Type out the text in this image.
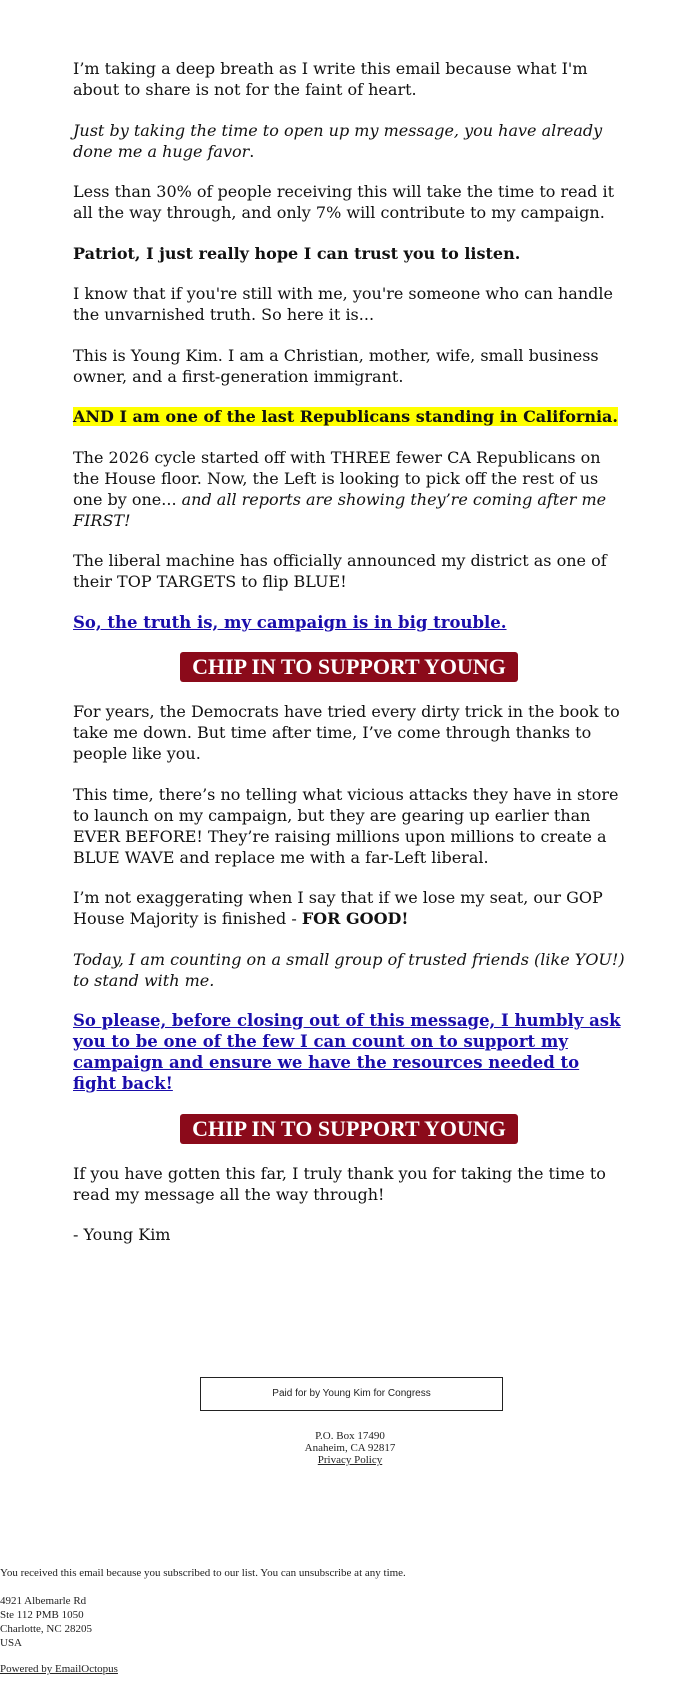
I’m taking a deep breath as I write this email because what I'm about to share is not for the faint of heart.

Just by taking the time to open up my message, you have already done me a huge favor.

Less than 30% of people receiving this will take the time to read it all the way through, and only 7% will contribute to my campaign.

Patriot, I just really hope I can trust you to listen.

I know that if you're still with me, you're someone who can handle the unvarnished truth. So here it is...

This is Young Kim. I am a Christian, mother, wife, small business owner, and a first-generation immigrant.

AND I am one of the last Republicans standing in California.

The 2026 cycle started off with THREE fewer CA Republicans on the House floor. Now, the Left is looking to pick off the rest of us one by one... and all reports are showing they’re coming after me FIRST!

The liberal machine has officially announced my district as one of their TOP TARGETS to flip BLUE!

So, the truth is, my campaign is in big trouble.

CHIP IN TO SUPPORT YOUNG KIM

For years, the Democrats have tried every dirty trick in the book to take me down. But time after time, I’ve come through thanks to people like you.

This time, there’s no telling what vicious attacks they have in store to launch on my campaign, but they are gearing up earlier than EVER BEFORE! They’re raising millions upon millions to create a BLUE WAVE and replace me with a far-Left liberal.

I’m not exaggerating when I say that if we lose my seat, our GOP House Majority is finished - FOR GOOD!

Today, I am counting on a small group of trusted friends (like YOU!) to stand with me.

So please, before closing out of this message, I humbly ask you to be one of the few I can count on to support my campaign and ensure we have the resources needed to fight back!

CHIP IN TO SUPPORT YOUNG KIM

If you have gotten this far, I truly thank you for taking the time to read my message all the way through!

- Young Kim

Paid for by Young Kim for Congress
P.O. Box 17490
Anaheim, CA 92817
Privacy Policy
You received this email because you subscribed to our list. You can unsubscribe at any time.
4921 Albemarle Rd
Ste 112 PMB 1050
Charlotte, NC 28205
USA
Powered by EmailOctopus
